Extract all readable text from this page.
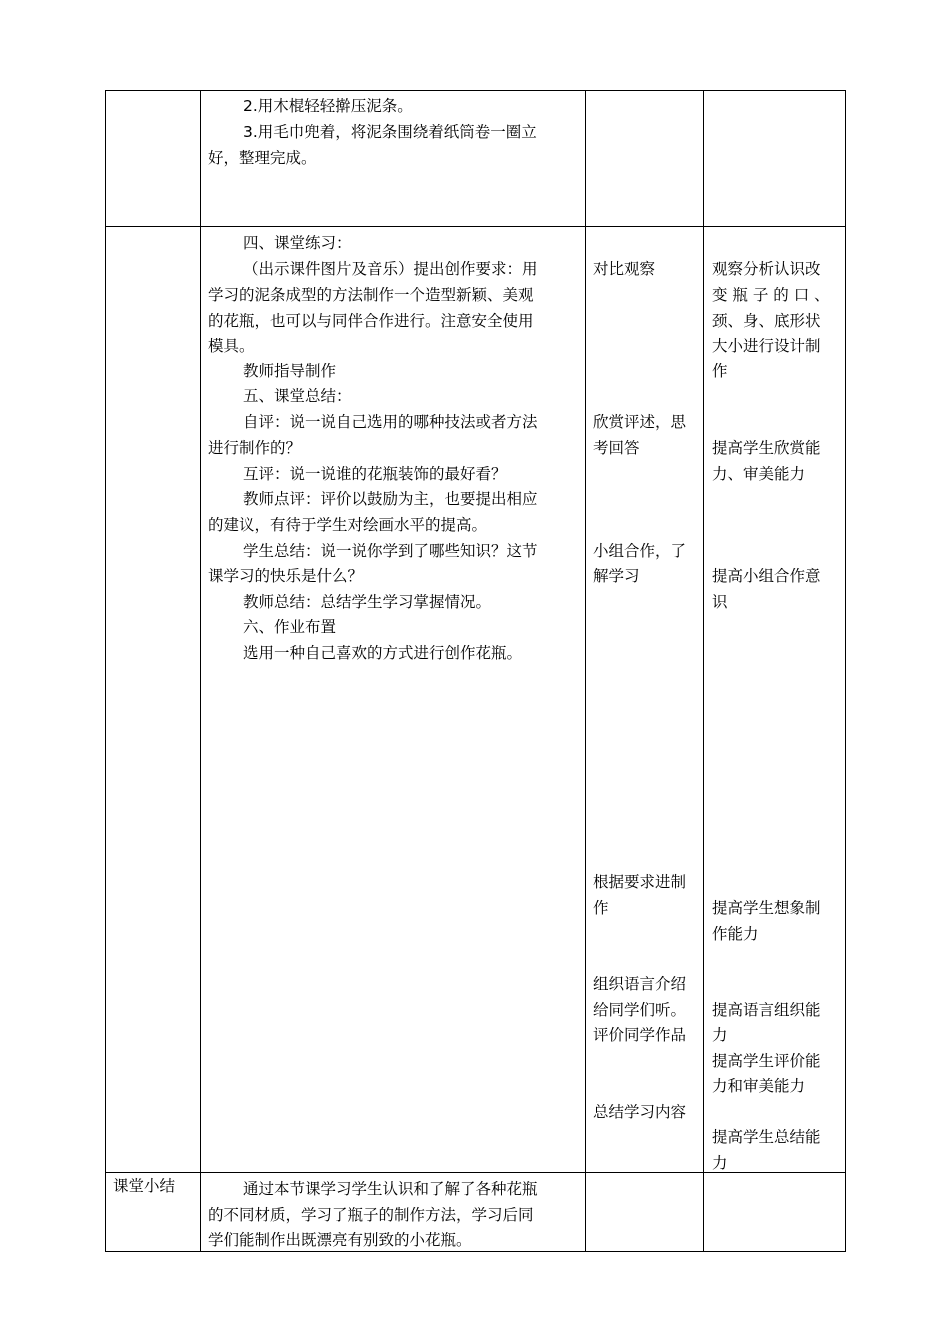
2.用木棍轻轻擀压泥条。
3.用毛巾兜着，将泥条围绕着纸筒卷一圈立
好，整理完成。
四、课堂练习：
（出示课件图片及音乐）提出创作要求：用
学习的泥条成型的方法制作一个造型新颖、美观
的花瓶，也可以与同伴合作进行。注意安全使用
模具。
教师指导制作
五、课堂总结：
自评：说一说自己选用的哪种技法或者方法
进行制作的？
互评：说一说谁的花瓶装饰的最好看？
教师点评：评价以鼓励为主，也要提出相应
的建议，有待于学生对绘画水平的提高。
学生总结：说一说你学到了哪些知识？这节
课学习的快乐是什么？
教师总结：总结学生学习掌握情况。
六、作业布置
选用一种自己喜欢的方式进行创作花瓶。
对比观察
欣赏评述，思
考回答
小组合作，了
解学习
根据要求进制
作
组织语言介绍
给同学们听。
评价同学作品
总结学习内容
观察分析认识改
变 瓶 子 的 口 、
颈、身、底形状
大小进行设计制
作
提高学生欣赏能
力、审美能力
提高小组合作意
识
提高学生想象制
作能力
提高语言组织能
力
提高学生评价能
力和审美能力
提高学生总结能
力
课堂小结	通过本节课学习学生认识和了解了各种花瓶
的不同材质，学习了瓶子的制作方法，学习后同
学们能制作出既漂亮有别致的小花瓶。
